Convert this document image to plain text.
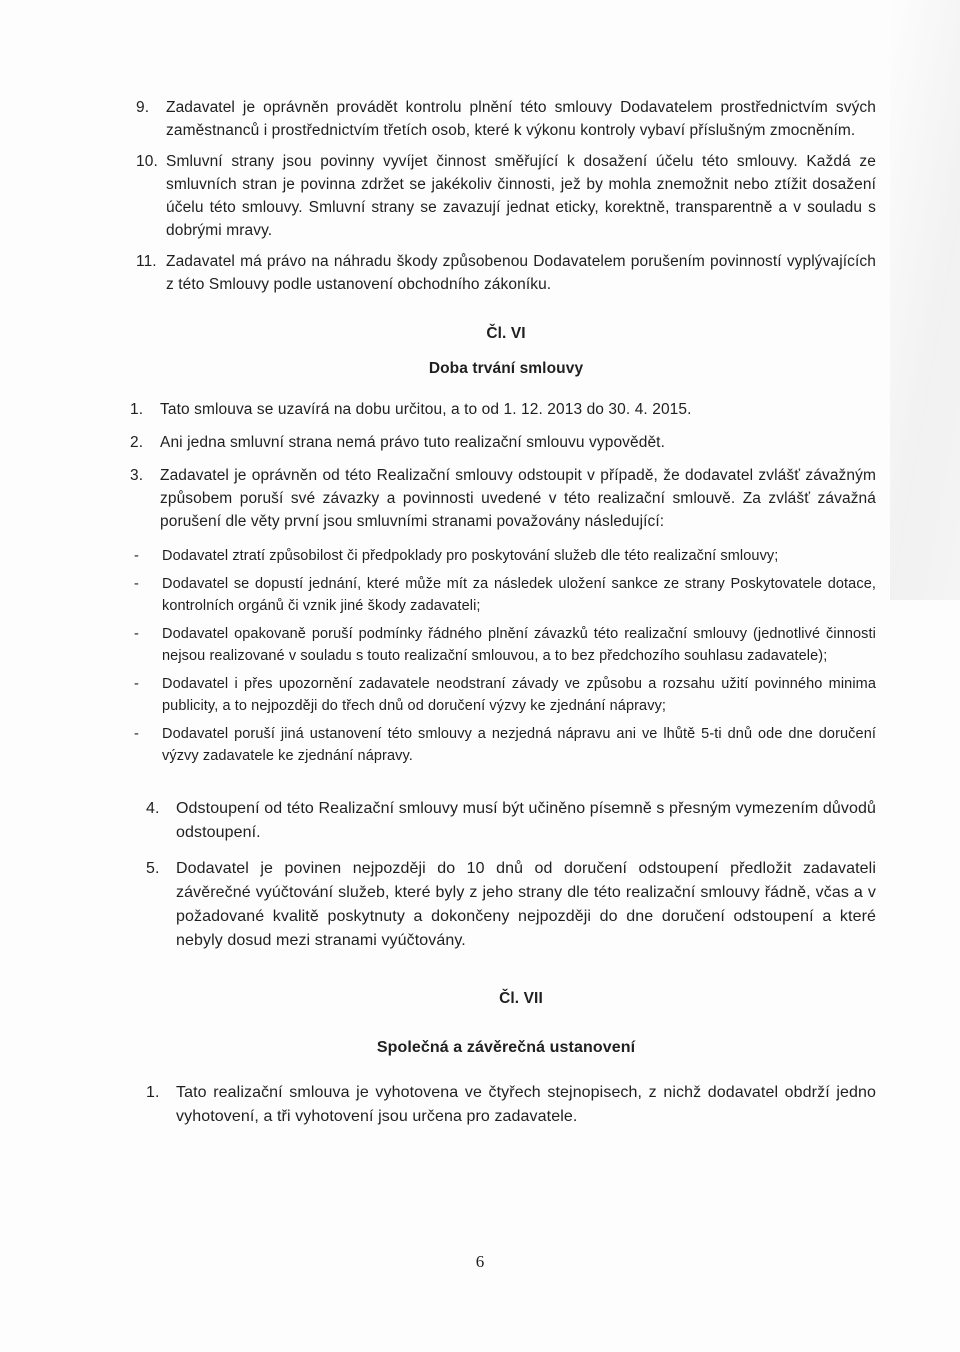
9. Zadavatel je oprávněn provádět kontrolu plnění této smlouvy Dodavatelem prostřednictvím svých zaměstnanců i prostřednictvím třetích osob, které k výkonu kontroly vybaví příslušným zmocněním.

10. Smluvní strany jsou povinny vyvíjet činnost směřující k dosažení účelu této smlouvy. Každá ze smluvních stran je povinna zdržet se jakékoliv činnosti, jež by mohla znemožnit nebo ztížit dosažení účelu této smlouvy. Smluvní strany se zavazují jednat eticky, korektně, transparentně a v souladu s dobrými mravy.

11. Zadavatel má právo na náhradu škody způsobenou Dodavatelem porušením povinností vyplývajících z této Smlouvy podle ustanovení obchodního zákoníku.

Čl. VI
Doba trvání smlouvy

1. Tato smlouva se uzavírá na dobu určitou, a to od 1. 12. 2013 do 30. 4. 2015.

2. Ani jedna smluvní strana nemá právo tuto realizační smlouvu vypovědět.

3. Zadavatel je oprávněn od této Realizační smlouvy odstoupit v případě, že dodavatel zvlášť závažným způsobem poruší své závazky a povinnosti uvedené v této realizační smlouvě. Za zvlášť závažná porušení dle věty první jsou smluvními stranami považovány následující:

- Dodavatel ztratí způsobilost či předpoklady pro poskytování služeb dle této realizační smlouvy;

- Dodavatel se dopustí jednání, které může mít za následek uložení sankce ze strany Poskytovatele dotace, kontrolních orgánů či vznik jiné škody zadavateli;

- Dodavatel opakovaně poruší podmínky řádného plnění závazků této realizační smlouvy (jednotlivé činnosti nejsou realizované v souladu s touto realizační smlouvou, a to bez předchozího souhlasu zadavatele);

- Dodavatel i přes upozornění zadavatele neodstraní závady ve způsobu a rozsahu užití povinného minima publicity, a to nejpozději do třech dnů od doručení výzvy ke zjednání nápravy;

- Dodavatel poruší jiná ustanovení této smlouvy a nezjedná nápravu ani ve lhůtě 5-ti dnů ode dne doručení výzvy zadavatele ke zjednání nápravy.

4. Odstoupení od této Realizační smlouvy musí být učiněno písemně s přesným vymezením důvodů odstoupení.

5. Dodavatel je povinen nejpozději do 10 dnů od doručení odstoupení předložit zadavateli závěrečné vyúčtování služeb, které byly z jeho strany dle této realizační smlouvy řádně, včas a v požadované kvalitě poskytnuty a dokončeny nejpozději do dne doručení odstoupení a které nebyly dosud mezi stranami vyúčtovány.

Čl. VII
Společná a závěrečná ustanovení

1. Tato realizační smlouva je vyhotovena ve čtyřech stejnopisech, z nichž dodavatel obdrží jedno vyhotovení, a tři vyhotovení jsou určena pro zadavatele.

6
